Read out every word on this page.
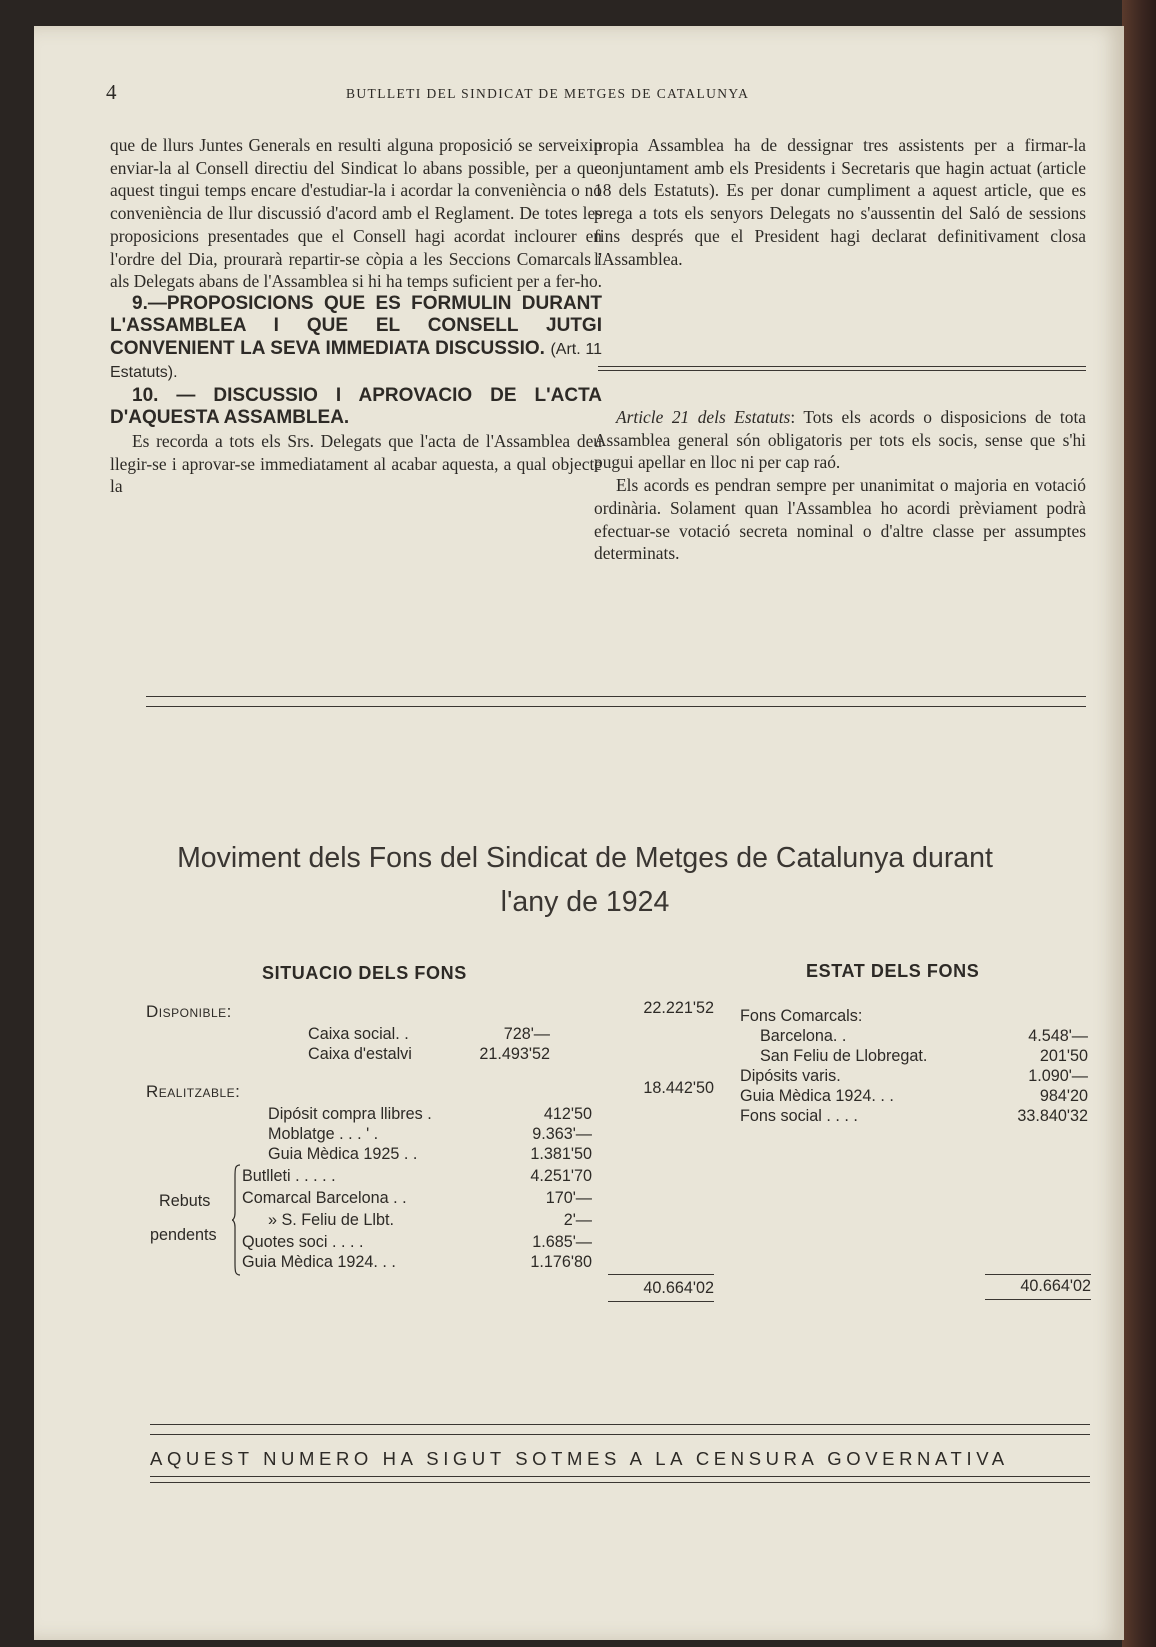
4	BUTLLETI DEL SINDICAT DE METGES DE CATALUNYA

que de llurs Juntes Generals en resulti alguna proposició se serveixin enviar-la al Consell directiu del Sindicat lo abans possible, per a que aquest tingui temps encare d'estudiar-la i acordar la conveniència o no conveniència de llur discussió d'acord amb el Reglament. De totes les proposicions presentades que el Consell hagi acordat inclourer en l'ordre del Dia, prourarà repartir-se còpia a les Seccions Comarcals i als Delegats abans de l'Assamblea si hi ha temps suficient per a fer-ho.

9.—PROPOSICIONS QUE ES FORMULIN DURANT L'ASSAMBLEA I QUE EL CONSELL JUTGI CONVENIENT LA SEVA IMMEDIATA DISCUSSIO. (Art. 11 Estatuts).

10. — DISCUSSIO I APROVACIO DE L'ACTA D'AQUESTA ASSAMBLEA.

Es recorda a tots els Srs. Delegats que l'acta de l'Assamblea deu llegir-se i aprovar-se immediatament al acabar aquesta, a qual objecte la

propia Assamblea ha de dessignar tres assistents per a firmar-la conjuntament amb els Presidents i Secretaris que hagin actuat (article 18 dels Estatuts). Es per donar cumpliment a aquest article, que es prega a tots els senyors Delegats no s'aussentin del Saló de sessions fins després que el President hagi declarat definitivament closa l'Assamblea.

Article 21 dels Estatuts: Tots els acords o disposicions de tota Assamblea general són obligatoris per tots els socis, sense que s'hi pugui apellar en lloc ni per cap raó.

Els acords es pendran sempre per unanimitat o majoria en votació ordinària. Solament quan l'Assamblea ho acordi prèviament podrà efectuar-se votació secreta nominal o d'altre classe per assumptes determinats.

Moviment dels Fons del Sindicat de Metges de Catalunya durant
l'any de 1924
SITUACIO DELS FONS
Disponible:	22.221'52
Caixa social. .	728'—
Caixa d'estalvi	21.493'52
Realitzable:	18.442'50
Dipósit compra llibres .	412'50
Moblatge . . . ' .	9.363'—
Guia Mèdica 1925 . .	1.381'50
Rebuts
pendents
Butlleti . . . . .	4.251'70
Comarcal Barcelona . .	170'—
» S. Feliu de Llbt.	2'—
Quotes soci . . . .	1.685'—
Guia Mèdica 1924. . .	1.176'80
40.664'02
ESTAT DELS FONS
Fons Comarcals:
Barcelona. .	4.548'—
San Feliu de Llobregat.	201'50
Dipósits varis.	1.090'—
Guia Mèdica 1924. . .	984'20
Fons social . . . .	33.840'32
40.664'02
AQUEST NUMERO HA SIGUT SOTMES A LA CENSURA GOVERNATIVA
